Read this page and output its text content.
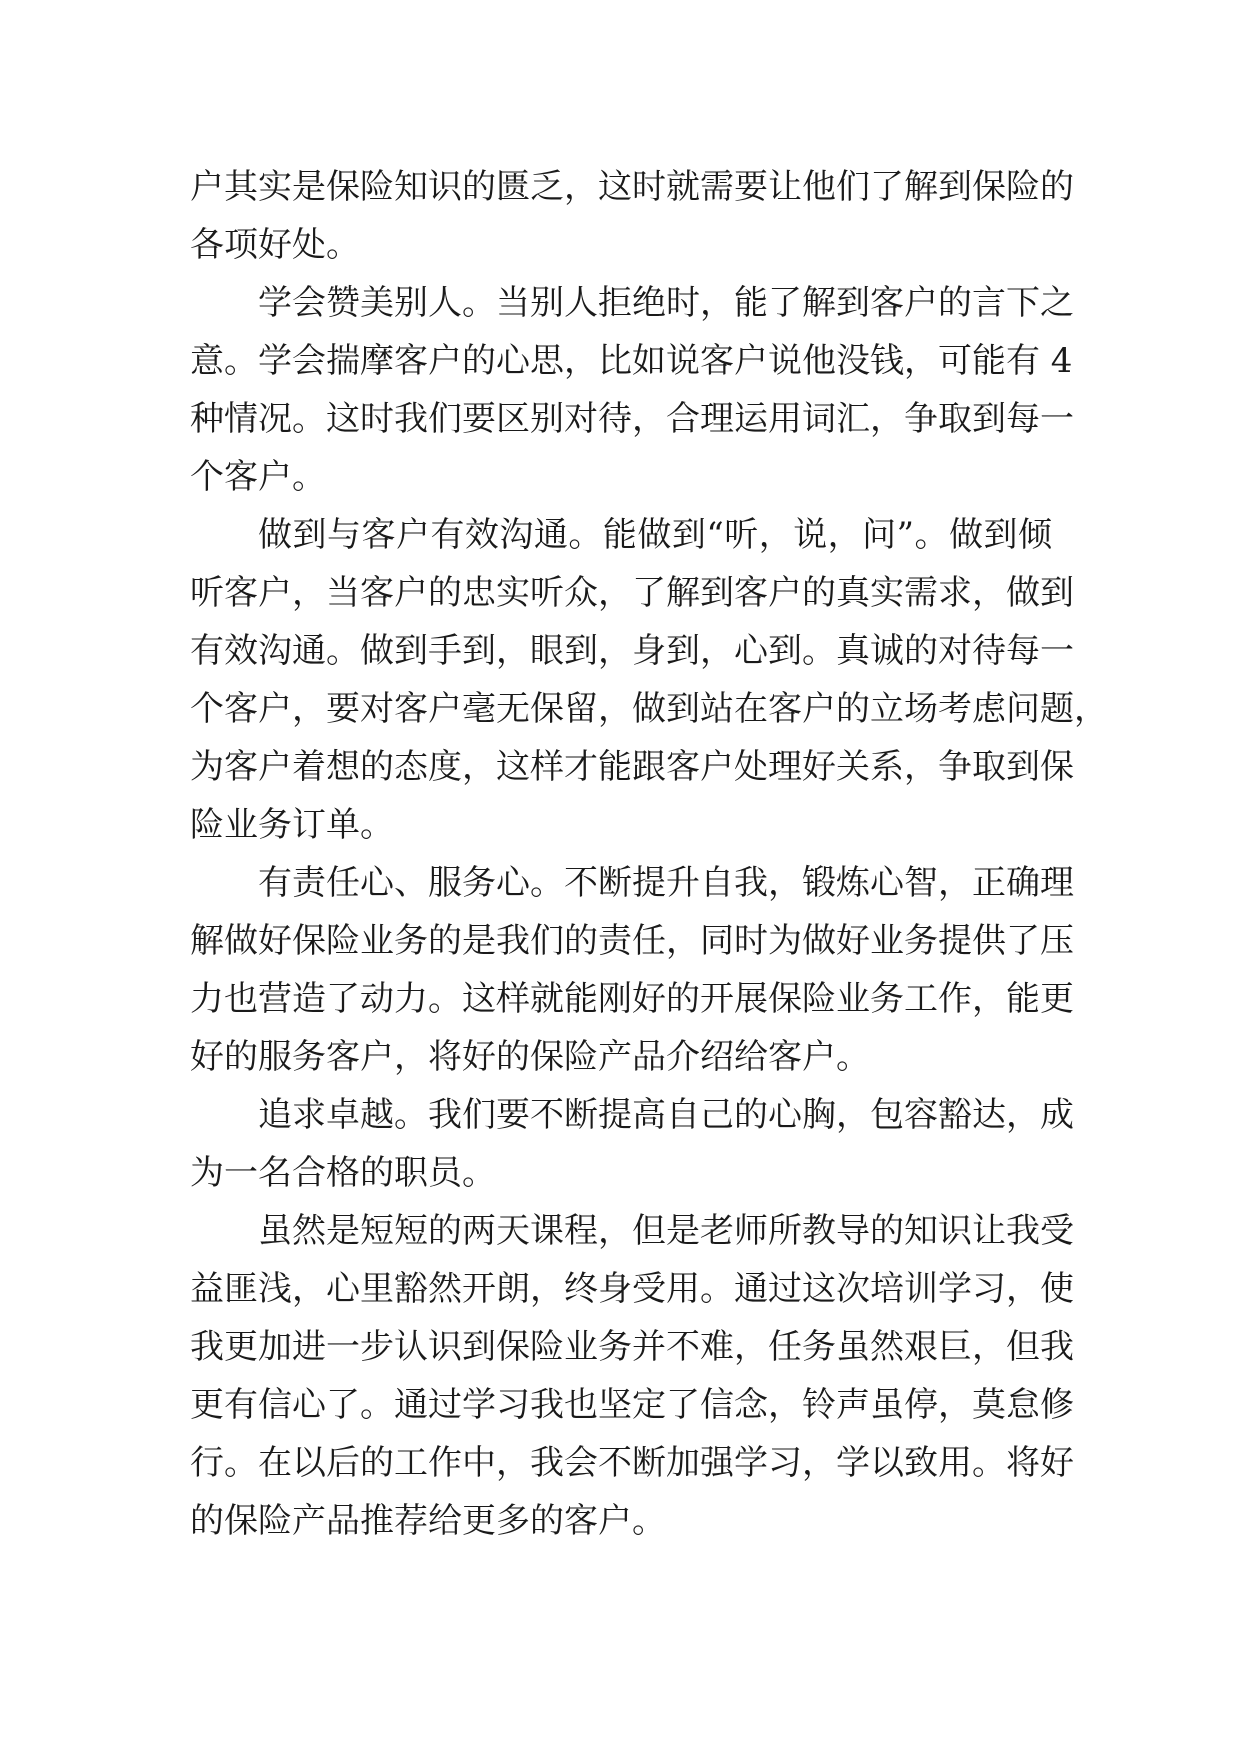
户其实是保险知识的匮乏，这时就需要让他们了解到保险的
各项好处。
学会赞美别人。当别人拒绝时，能了解到客户的言下之
意。学会揣摩客户的心思，比如说客户说他没钱，可能有 4
种情况。这时我们要区别对待，合理运用词汇，争取到每一
个客户。
做到与客户有效沟通。能做到“听，说，问”。做到倾
听客户，当客户的忠实听众，了解到客户的真实需求，做到
有效沟通。做到手到，眼到，身到，心到。真诚的对待每一
个客户，要对客户毫无保留，做到站在客户的立场考虑问题，
为客户着想的态度，这样才能跟客户处理好关系，争取到保
险业务订单。
有责任心、服务心。不断提升自我，锻炼心智，正确理
解做好保险业务的是我们的责任，同时为做好业务提供了压
力也营造了动力。这样就能刚好的开展保险业务工作，能更
好的服务客户，将好的保险产品介绍给客户。
追求卓越。我们要不断提高自己的心胸，包容豁达，成
为一名合格的职员。
虽然是短短的两天课程，但是老师所教导的知识让我受
益匪浅，心里豁然开朗，终身受用。通过这次培训学习，使
我更加进一步认识到保险业务并不难，任务虽然艰巨，但我
更有信心了。通过学习我也坚定了信念，铃声虽停，莫怠修
行。在以后的工作中，我会不断加强学习，学以致用。将好
的保险产品推荐给更多的客户。
